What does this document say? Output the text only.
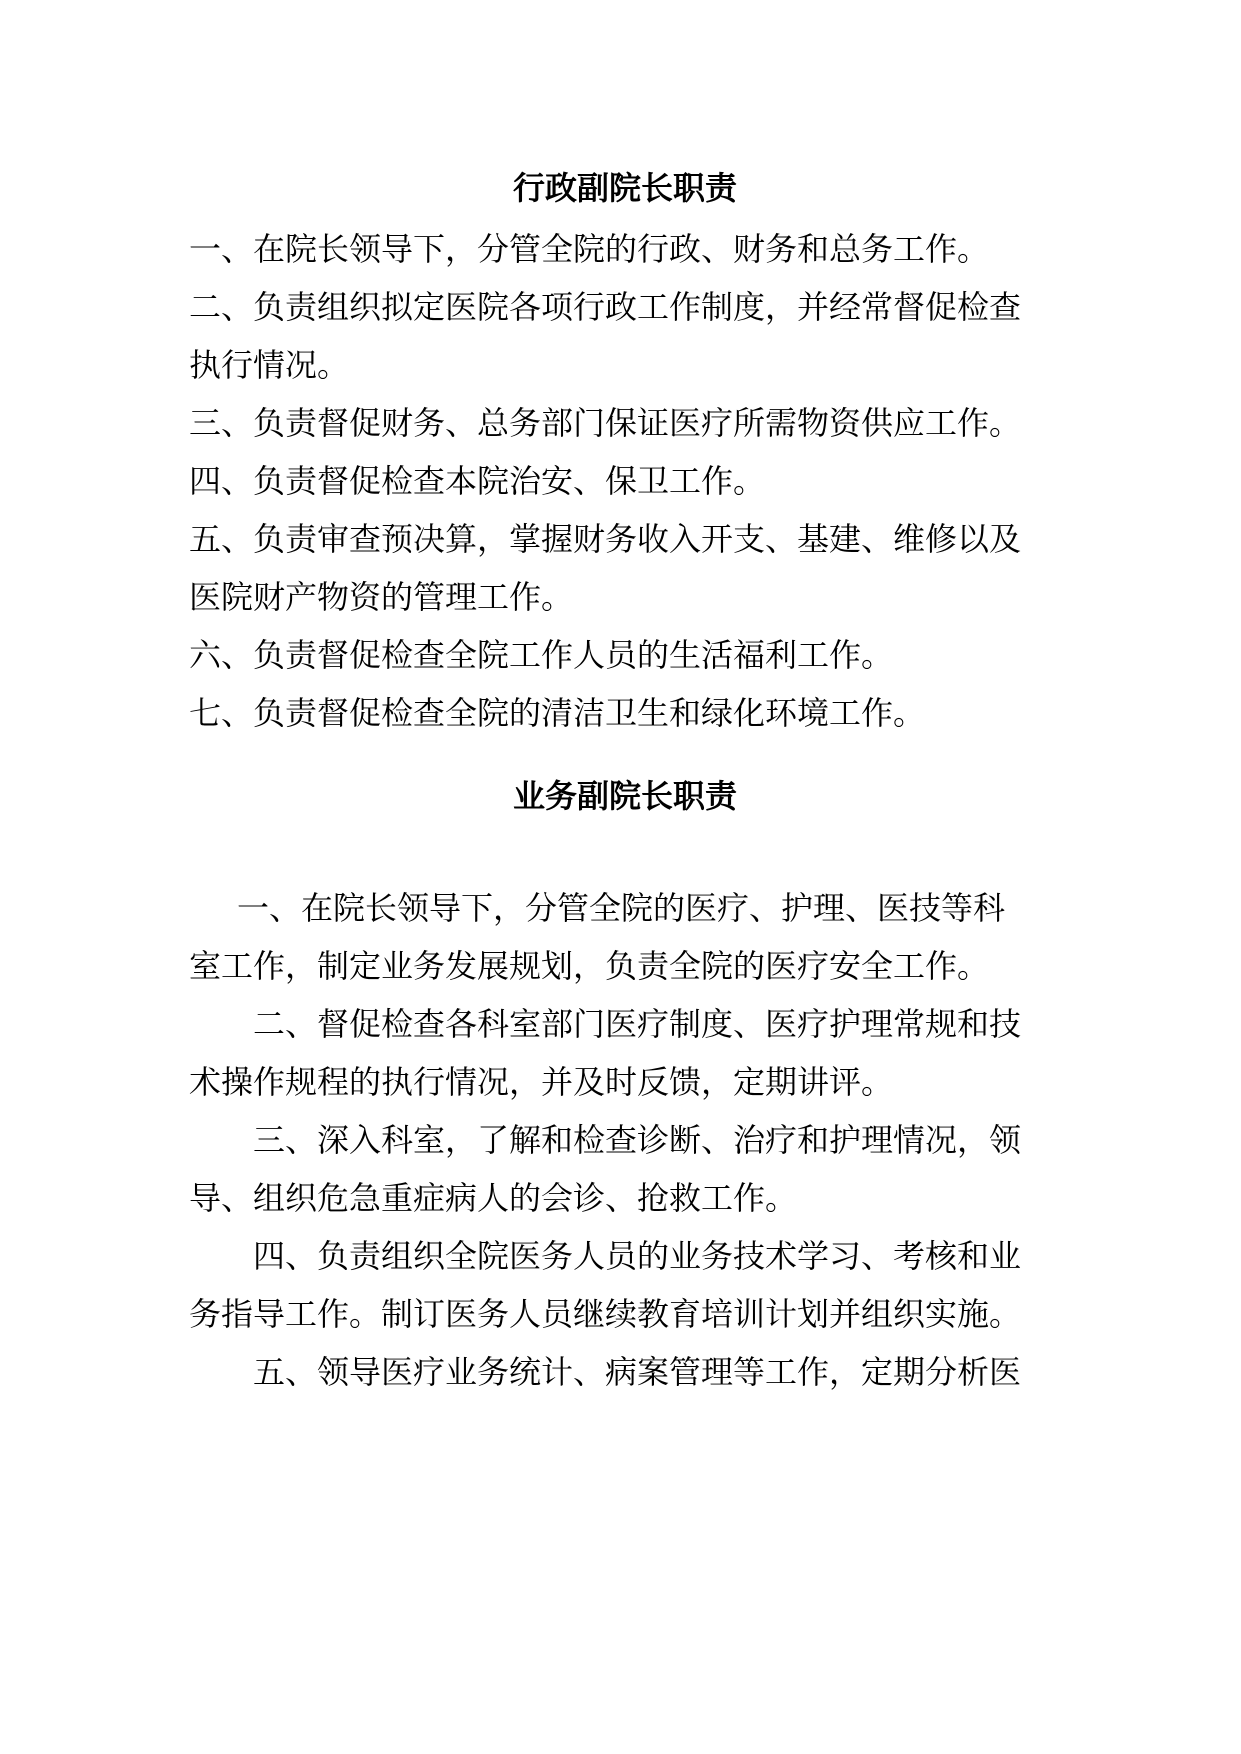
行政副院长职责

一、在院长领导下，分管全院的行政、财务和总务工作。

二、负责组织拟定医院各项行政工作制度，并经常督促检查

执行情况。

三、负责督促财务、总务部门保证医疗所需物资供应工作。

四、负责督促检查本院治安、保卫工作。

五、负责审查预决算，掌握财务收入开支、基建、维修以及

医院财产物资的管理工作。

六、负责督促检查全院工作人员的生活福利工作。

七、负责督促检查全院的清洁卫生和绿化环境工作。

业务副院长职责

一、在院长领导下，分管全院的医疗、护理、医技等科

室工作，制定业务发展规划，负责全院的医疗安全工作。

二、督促检查各科室部门医疗制度、医疗护理常规和技

术操作规程的执行情况，并及时反馈，定期讲评。

三、深入科室，了解和检查诊断、治疗和护理情况，领

导、组织危急重症病人的会诊、抢救工作。

四、负责组织全院医务人员的业务技术学习、考核和业

务指导工作。制订医务人员继续教育培训计划并组织实施。

五、领导医疗业务统计、病案管理等工作，定期分析医
